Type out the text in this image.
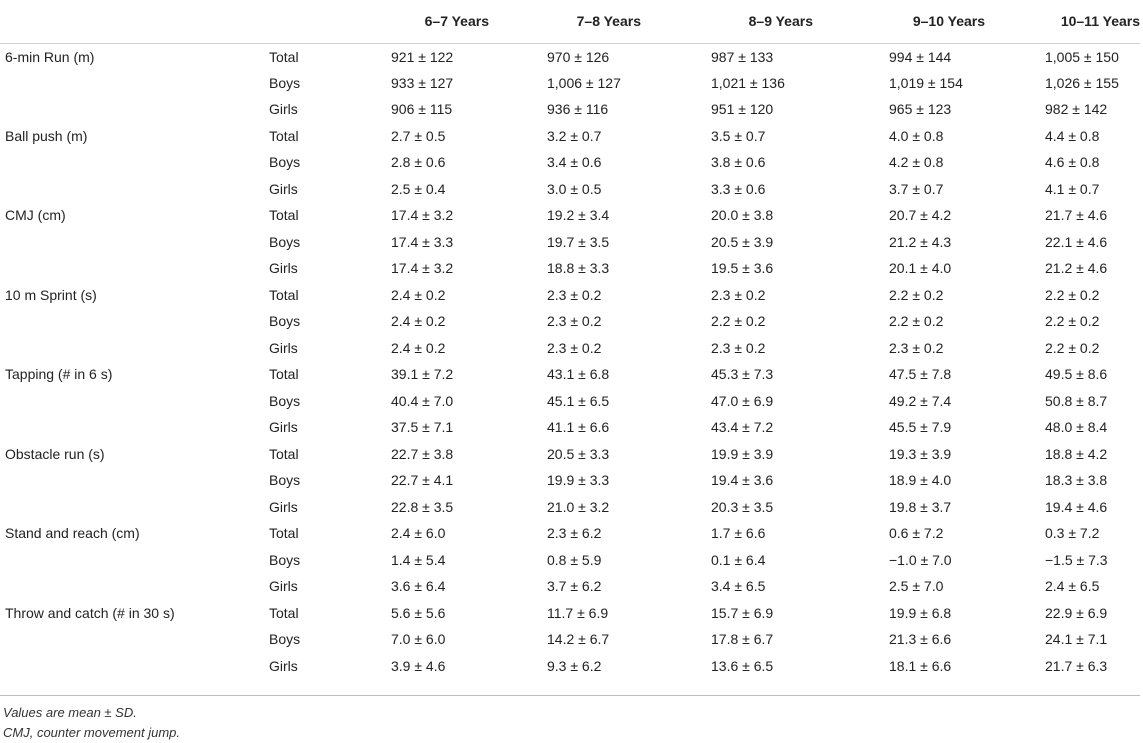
		6–7 Years	7–8 Years	8–9 Years	9–10 Years	10–11 Years
6-min Run (m)	Total	921 ± 122	970 ± 126	987 ± 133	994 ± 144	1,005 ± 150
	Boys	933 ± 127	1,006 ± 127	1,021 ± 136	1,019 ± 154	1,026 ± 155
	Girls	906 ± 115	936 ± 116	951 ± 120	965 ± 123	982 ± 142
Ball push (m)	Total	2.7 ± 0.5	3.2 ± 0.7	3.5 ± 0.7	4.0 ± 0.8	4.4 ± 0.8
	Boys	2.8 ± 0.6	3.4 ± 0.6	3.8 ± 0.6	4.2 ± 0.8	4.6 ± 0.8
	Girls	2.5 ± 0.4	3.0 ± 0.5	3.3 ± 0.6	3.7 ± 0.7	4.1 ± 0.7
CMJ (cm)	Total	17.4 ± 3.2	19.2 ± 3.4	20.0 ± 3.8	20.7 ± 4.2	21.7 ± 4.6
	Boys	17.4 ± 3.3	19.7 ± 3.5	20.5 ± 3.9	21.2 ± 4.3	22.1 ± 4.6
	Girls	17.4 ± 3.2	18.8 ± 3.3	19.5 ± 3.6	20.1 ± 4.0	21.2 ± 4.6
10 m Sprint (s)	Total	2.4 ± 0.2	2.3 ± 0.2	2.3 ± 0.2	2.2 ± 0.2	2.2 ± 0.2
	Boys	2.4 ± 0.2	2.3 ± 0.2	2.2 ± 0.2	2.2 ± 0.2	2.2 ± 0.2
	Girls	2.4 ± 0.2	2.3 ± 0.2	2.3 ± 0.2	2.3 ± 0.2	2.2 ± 0.2
Tapping (# in 6 s)	Total	39.1 ± 7.2	43.1 ± 6.8	45.3 ± 7.3	47.5 ± 7.8	49.5 ± 8.6
	Boys	40.4 ± 7.0	45.1 ± 6.5	47.0 ± 6.9	49.2 ± 7.4	50.8 ± 8.7
	Girls	37.5 ± 7.1	41.1 ± 6.6	43.4 ± 7.2	45.5 ± 7.9	48.0 ± 8.4
Obstacle run (s)	Total	22.7 ± 3.8	20.5 ± 3.3	19.9 ± 3.9	19.3 ± 3.9	18.8 ± 4.2
	Boys	22.7 ± 4.1	19.9 ± 3.3	19.4 ± 3.6	18.9 ± 4.0	18.3 ± 3.8
	Girls	22.8 ± 3.5	21.0 ± 3.2	20.3 ± 3.5	19.8 ± 3.7	19.4 ± 4.6
Stand and reach (cm)	Total	2.4 ± 6.0	2.3 ± 6.2	1.7 ± 6.6	0.6 ± 7.2	0.3 ± 7.2
	Boys	1.4 ± 5.4	0.8 ± 5.9	0.1 ± 6.4	−1.0 ± 7.0	−1.5 ± 7.3
	Girls	3.6 ± 6.4	3.7 ± 6.2	3.4 ± 6.5	2.5 ± 7.0	2.4 ± 6.5
Throw and catch (# in 30 s)	Total	5.6 ± 5.6	11.7 ± 6.9	15.7 ± 6.9	19.9 ± 6.8	22.9 ± 6.9
	Boys	7.0 ± 6.0	14.2 ± 6.7	17.8 ± 6.7	21.3 ± 6.6	24.1 ± 7.1
	Girls	3.9 ± 4.6	9.3 ± 6.2	13.6 ± 6.5	18.1 ± 6.6	21.7 ± 6.3
Values are mean ± SD.
CMJ, counter movement jump.
